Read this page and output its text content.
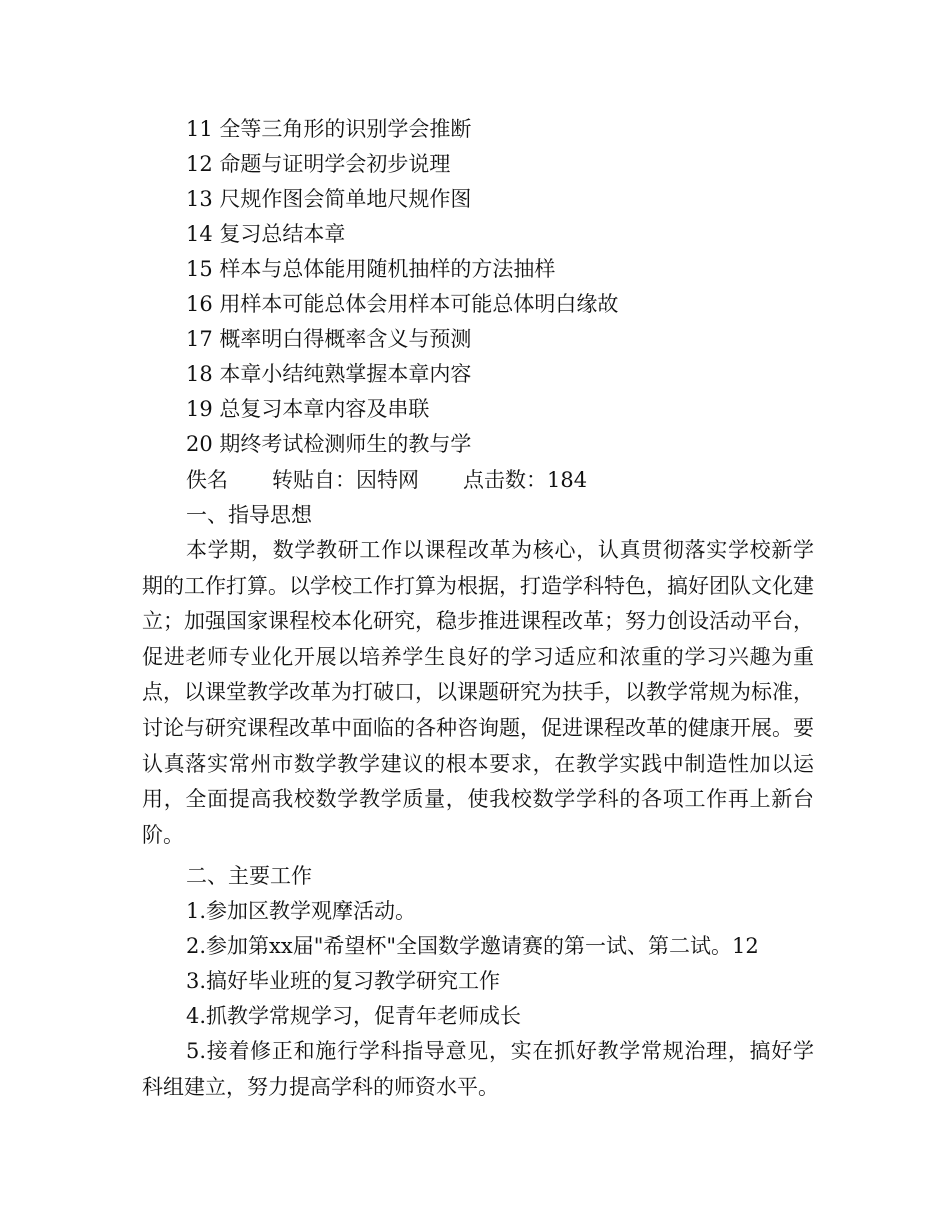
11 全等三角形的识别学会推断
12 命题与证明学会初步说理
13 尺规作图会简单地尺规作图
14 复习总结本章
15 样本与总体能用随机抽样的方法抽样
16 用样本可能总体会用样本可能总体明白缘故
17 概率明白得概率含义与预测
18 本章小结纯熟掌握本章内容
19 总复习本章内容及串联
20 期终考试检测师生的教与学
佚名 转贴自：因特网 点击数：184
一、指导思想
本学期，数学教研工作以课程改革为核心，认真贯彻落实学校新学期的工作打算。以学校工作打算为根据，打造学科特色，搞好团队文化建立；加强国家课程校本化研究，稳步推进课程改革；努力创设活动平台，促进老师专业化开展以培养学生良好的学习适应和浓重的学习兴趣为重点，以课堂教学改革为打破口，以课题研究为扶手，以教学常规为标准，讨论与研究课程改革中面临的各种咨询题，促进课程改革的健康开展。要认真落实常州市数学教学建议的根本要求，在教学实践中制造性加以运用，全面提高我校数学教学质量，使我校数学学科的各项工作再上新台阶。
二、主要工作
1.参加区教学观摩活动。
2.参加第xx届"希望杯"全国数学邀请赛的第一试、第二试。12
3.搞好毕业班的复习教学研究工作
4.抓教学常规学习，促青年老师成长
5.接着修正和施行学科指导意见，实在抓好教学常规治理，搞好学科组建立，努力提高学科的师资水平。
